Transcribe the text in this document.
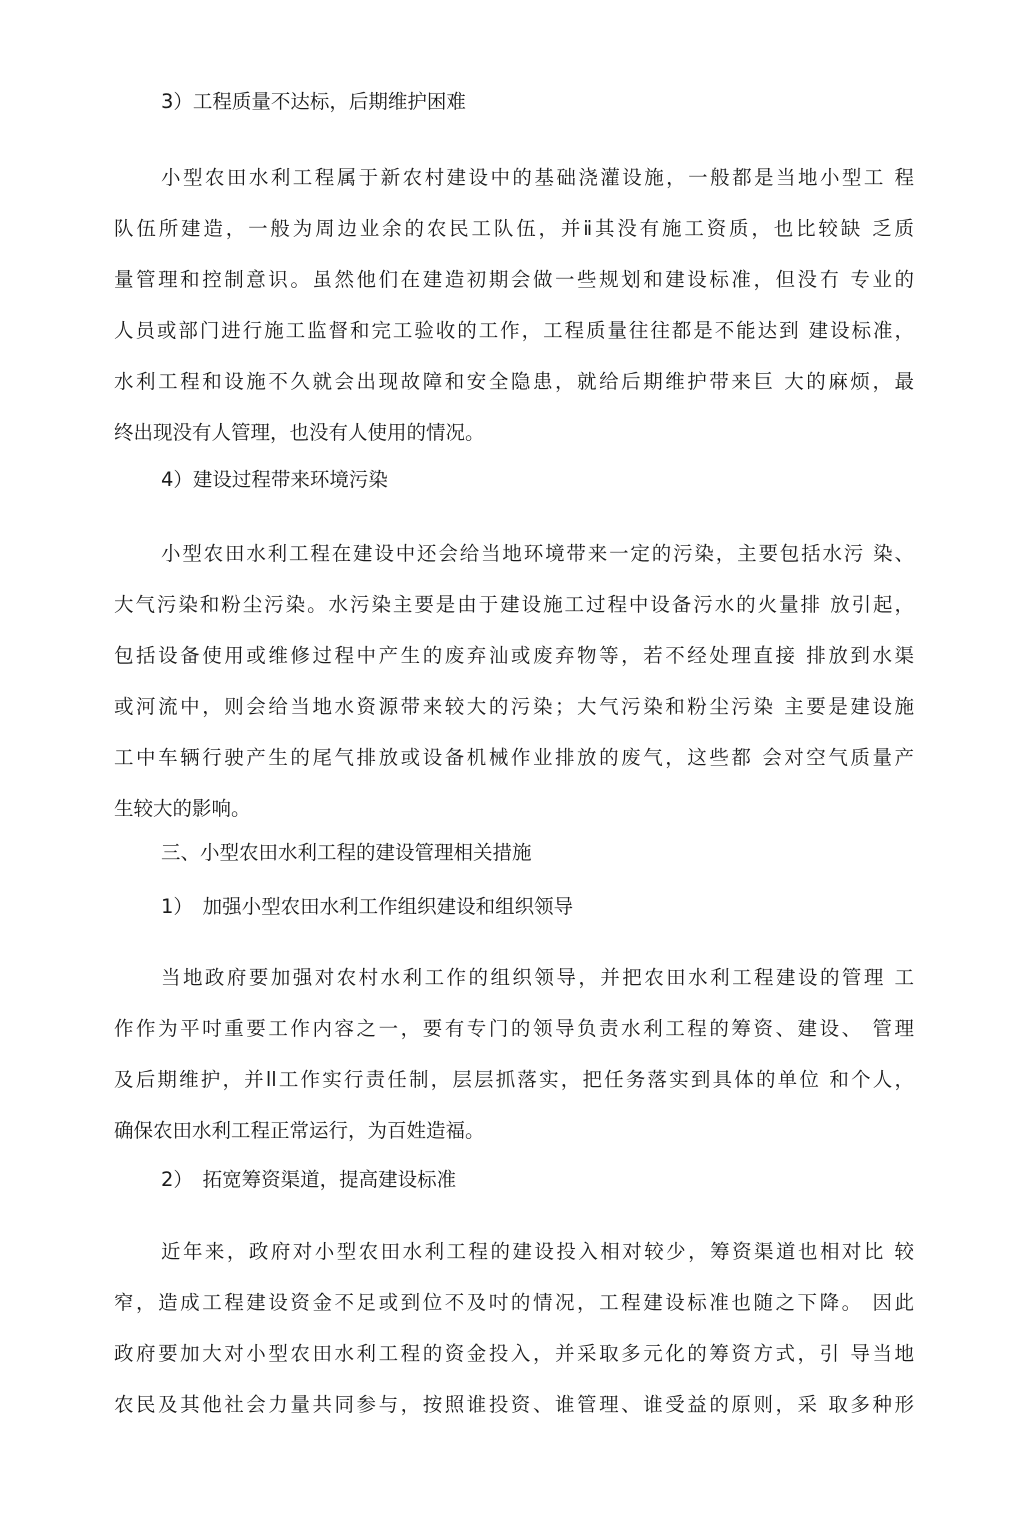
3）工程质量不达标，后期维护困难
小型农田水利工程属于新农村建设中的基础浇灌设施，一般都是当地小型工 程
队伍所建造，一般为周边业余的农民工队伍，并ⅱ其没有施工资质，也比较缺 乏质
量管理和控制意识。虽然他们在建造初期会做一些规划和建设标准，但没冇 专业的
人员或部门进行施工监督和完工验收的工作，工程质量往往都是不能达到 建设标准，
水利工程和设施不久就会出现故障和安全隐患，就给后期维护带来巨 大的麻烦，最
终出现没有人管理，也没有人使用的情况。
4）建设过程带来环境污染
小型农田水利工程在建设中还会给当地环境带来一定的污染，主要包括水污 染、
大气污染和粉尘污染。水污染主要是由于建设施工过程中设备污水的火量排 放引起，
包括设备使用或维修过程中产生的废弃汕或废弃物等，若不经处理直接 排放到水渠
或河流中，则会给当地水资源带来较大的污染；大气污染和粉尘污染 主要是建设施
工中车辆行驶产生的尾气排放或设备机械作业排放的废气，这些都 会对空气质量产
生较大的影响。
三、小型农田水利工程的建设管理相关措施
1）　加强小型农田水利工作组织建设和组织领导
当地政府要加强对农村水利工作的组织领导，并把农田水利工程建设的管理 工
作作为平吋重要工作内容之一，要有专门的领导负责水利工程的筹资、建设、 管理
及后期维护，并ll工作实行责任制，层层抓落实，把任务落实到具体的单位 和个人，
确保农田水利工程正常运行，为百姓造福。
2）　拓宽筹资渠道，提高建设标准
近年来，政府对小型农田水利工程的建设投入相对较少，筹资渠道也相对比 较
窄，造成工程建设资金不足或到位不及吋的情况，工程建设标准也随之下降。 因此
政府要加大对小型农田水利工程的资金投入，并采取多元化的筹资方式，引 导当地
农民及其他社会力量共同参与，按照谁投资、谁管理、谁受益的原则，采 取多种形
